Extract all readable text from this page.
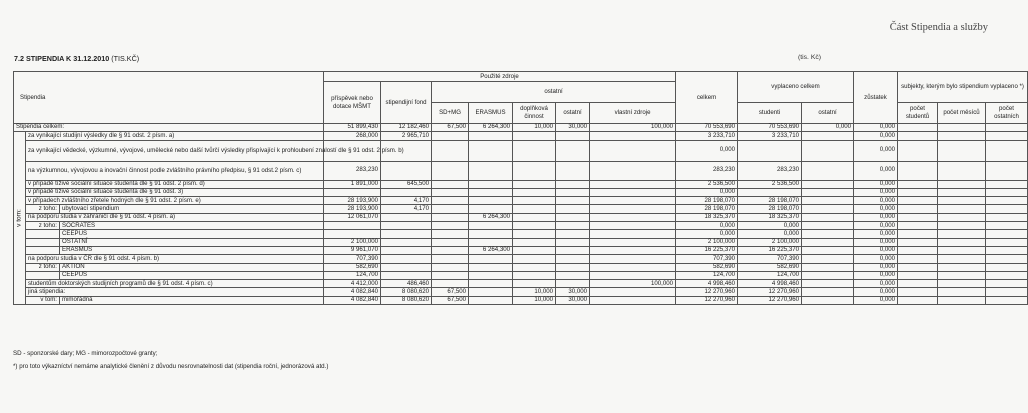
Část Stipendia a služby
7.2 STIPENDIA K 31.12.2010 (TIS.KČ)	(tis. Kč)
Stipendia			Použité zdroje							celkem	vyplaceno celkem		zůstatek	subjekty, kterým bylo stipendium vyplaceno *)			
			příspěvek nebo dotace MŠMT	stipendijní fond	ostatní												
					SD+MG	ERASMUS	doplňková činnost	ostatní	vlastní zdroje		studenti	ostatní		počet studentů	počet měsíců	počet ostatních	
Stipendia celkem:			51 899,430	12 182,460	67,500	6 264,300	10,000	30,000	100,000	70 553,690	70 553,690	0,000	0,000				

v tom:	za vynikající studijní výsledky dle § 91 odst. 2 písm. a)		268,000	2 965,710						3 233,710	3 233,710		0,000				
	za vynikající vědecké, výzkumné, vývojové, umělecké nebo další tvůrčí výsledky přispívající k prohloubení znalostí dle § 91 odst. 2 písm. b)									0,000			0,000				
	na výzkumnou, vývojovou a inovační činnost podle zvláštního právního předpisu, § 91 odst.2 písm. c)		283,230							283,230	283,230		0,000				
	v případě tíživé sociální situace studenta dle § 91 odst. 2 písm. d)		1 891,000	645,500						2 536,500	2 536,500		0,000				
	v případě tíživé sociální situace studenta dle § 91 odst. 3)									0,000			0,000				
	v případech zvláštního zřetele hodných dle § 91 odst. 2 písm. e)		28 193,900	4,170						28 198,070	28 198,070		0,000				
	z toho:	ubytovací stipendium	28 193,900	4,170						28 198,070	28 198,070		0,000				
	na podporu studia v zahraničí dle § 91 odst. 4 písm. a)		12 061,070			6 264,300				18 325,370	18 325,370		0,000				
	z toho:	SOCRATES								0,000	0,000		0,000				
		CEEPUS								0,000	0,000		0,000				
		OSTATNÍ	2 100,000							2 100,000	2 100,000		0,000				
		ERASMUS	9 961,070			6 264,300				16 225,370	16 225,370		0,000				
	na podporu studia v ČR dle § 91 odst. 4 písm. b)		707,390							707,390	707,390		0,000				
	z toho:	AKTION	582,690							582,690	582,690		0,000				
		CEEPUS	124,700							124,700	124,700		0,000				
	studentům doktorských studijních programů dle § 91 odst. 4 písm. c)		4 412,000	486,460					100,000	4 998,460	4 998,460		0,000				
	jiná stipendia:		4 082,840	8 080,620	67,500		10,000	30,000		12 270,960	12 270,960		0,000				
	v tom:	mimořádná	4 082,840	8 080,620	67,500		10,000	30,000		12 270,960	12 270,960		0,000				
SD - sponzorské dary; MG - mimorozpočtové granty;
*) pro toto výkazníctví nemáme analytické členění z důvodu nesrovnatelnosti dat (stipendia roční, jednorázová atd.)
